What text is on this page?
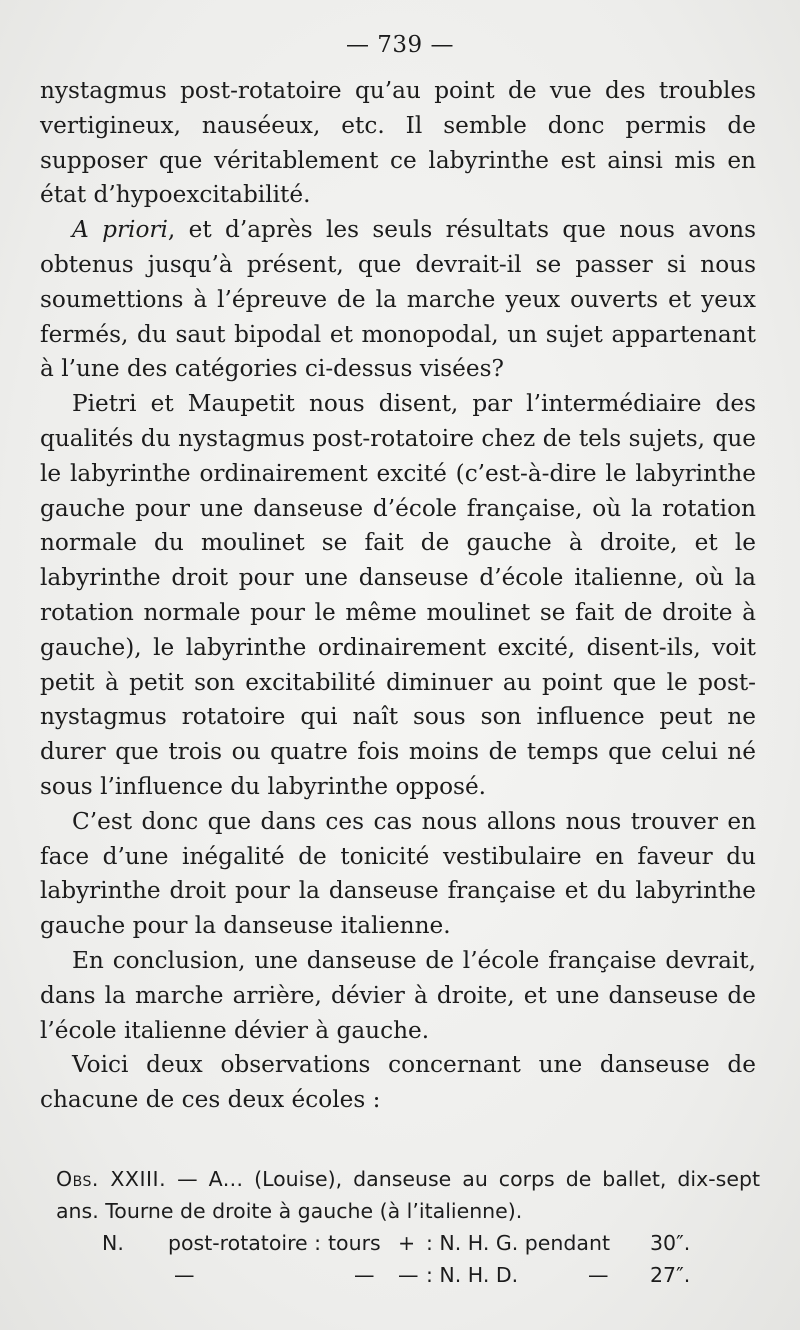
— 739 —

nystagmus post-rotatoire qu’au point de vue des troubles vertigineux, nauséeux, etc. Il semble donc permis de supposer que véritablement ce labyrinthe est ainsi mis en état d’hypoexcitabilité.

A priori, et d’après les seuls résultats que nous avons obtenus jusqu’à présent, que devrait-il se passer si nous soumettions à l’épreuve de la marche yeux ouverts et yeux fermés, du saut bipodal et monopodal, un sujet appartenant à l’une des catégories ci-dessus visées?

Pietri et Maupetit nous disent, par l’intermédiaire des qualités du nystagmus post-rotatoire chez de tels sujets, que le labyrinthe ordinairement excité (c’est-à-dire le labyrinthe gauche pour une danseuse d’école française, où la rotation normale du moulinet se fait de gauche à droite, et le labyrinthe droit pour une danseuse d’école italienne, où la rotation normale pour le même moulinet se fait de droite à gauche), le labyrinthe ordinairement excité, disent-ils, voit petit à petit son excitabilité diminuer au point que le post-nystagmus rotatoire qui naît sous son influence peut ne durer que trois ou quatre fois moins de temps que celui né sous l’influence du labyrinthe opposé.

C’est donc que dans ces cas nous allons nous trouver en face d’une inégalité de tonicité vestibulaire en faveur du labyrinthe droit pour la danseuse française et du labyrinthe gauche pour la danseuse italienne.

En conclusion, une danseuse de l’école française devrait, dans la marche arrière, dévier à droite, et une danseuse de l’école italienne dévier à gauche.

Voici deux observations concernant une danseuse de chacune de ces deux écoles :

Obs. XXIII. — A… (Louise), danseuse au corps de ballet, dix-sept ans. Tourne de droite à gauche (à l’italienne).

N. post-rotatoire : tours + : N. H. G. pendant 30″.
—	— — : N. H. D.	— 27″.
